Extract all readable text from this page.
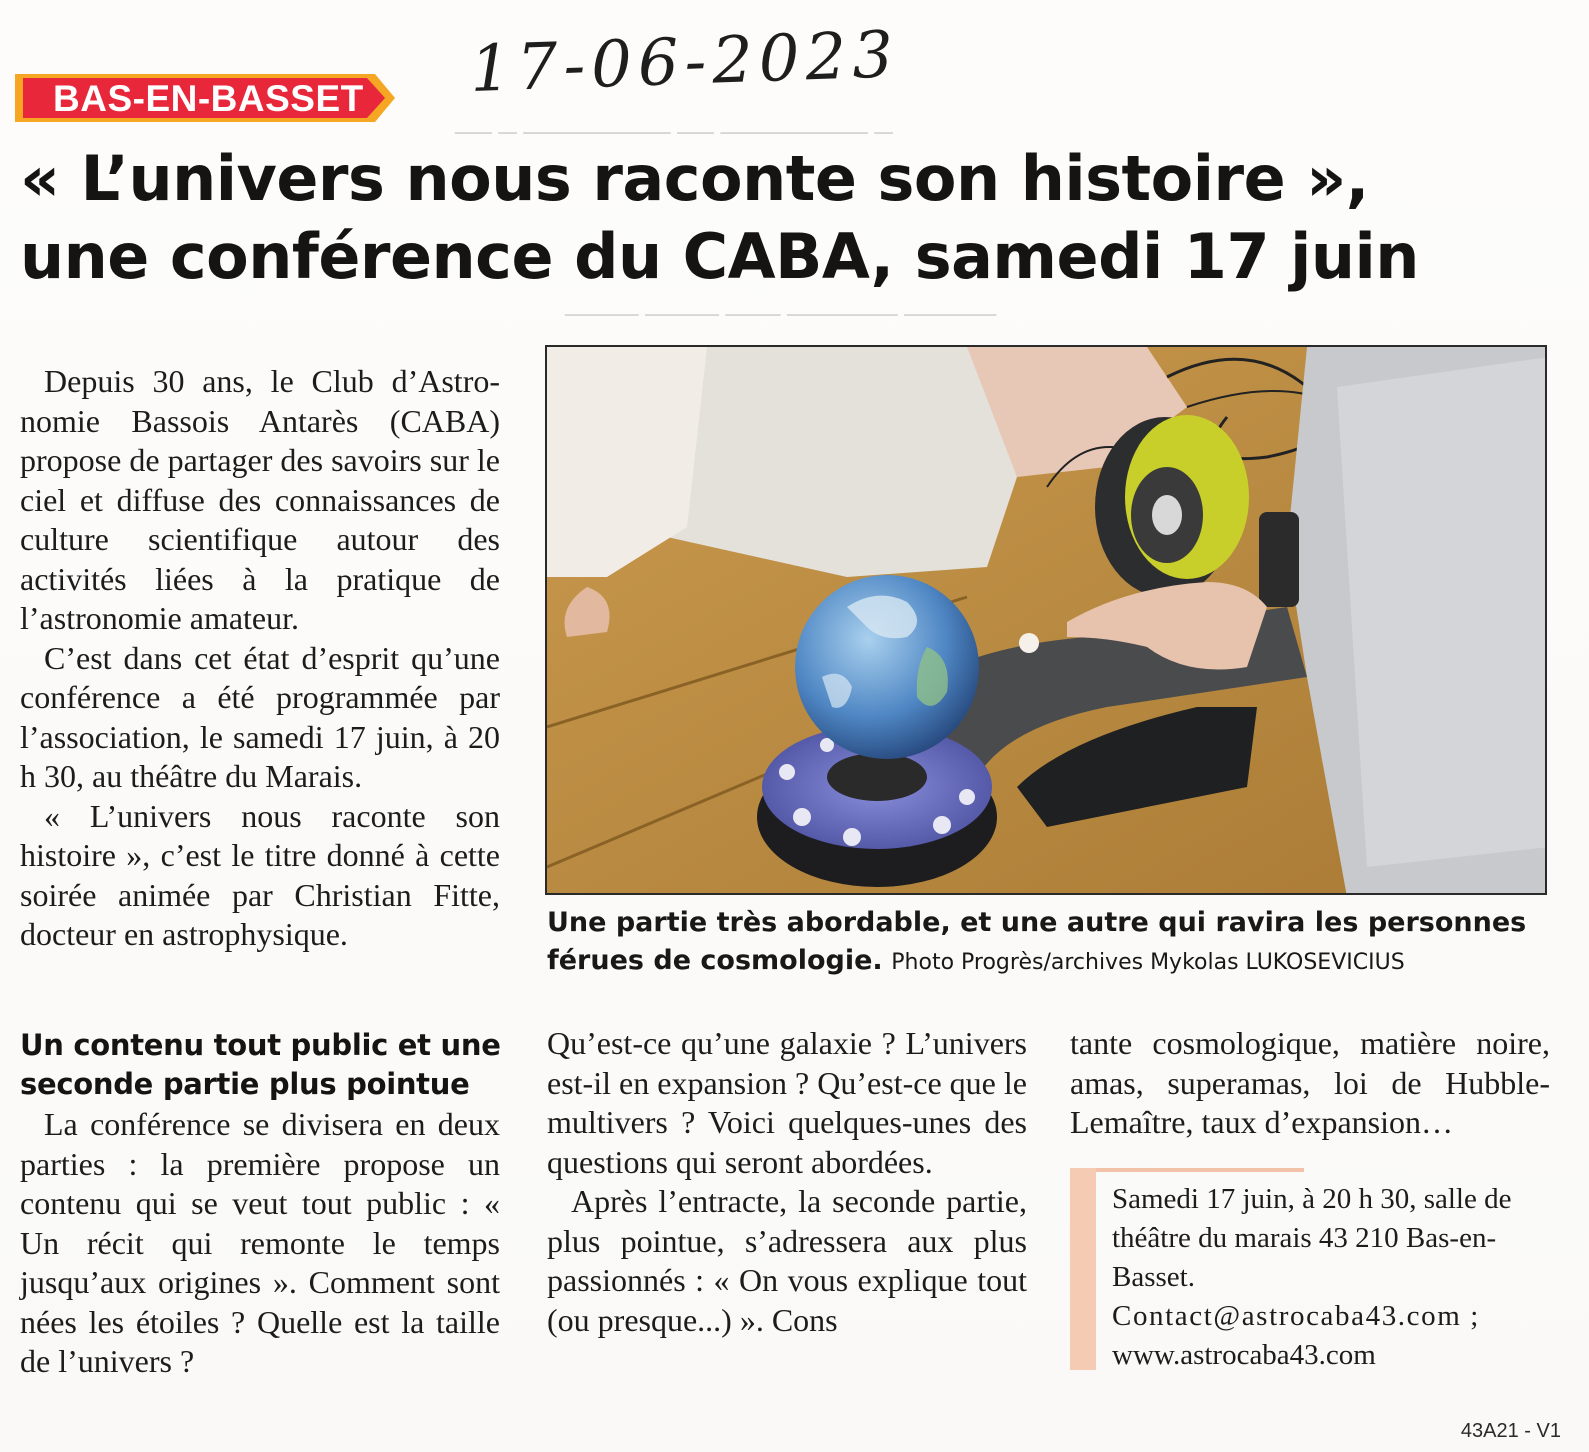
── ─ ──────── ── ──────── ─
──── ──── ─── ────── ─────
17-06-2023
BAS-EN-BASSET
« L’univers nous raconte son histoire »,
une conférence du CABA, samedi 17 juin

Depuis 30 ans, le Club d’Astronomie Bassois Antarès (CABA) propose de partager des savoirs sur le ciel et diffuse des connaissances de culture scientifique autour des activités liées à la pratique de l’astronomie amateur.

C’est dans cet état d’esprit qu’une conférence a été programmée par l’association, le samedi 17 juin, à 20 h 30, au théâtre du Marais.

« L’univers nous raconte son histoire », c’est le titre donné à cette soirée animée par Christian Fitte, docteur en astrophysique.

Un contenu tout public et une seconde partie plus pointue

La conférence se divisera en deux parties : la première propose un contenu qui se veut tout public : « Un récit qui remonte le temps jusqu’aux origines ». Comment sont nées les étoiles ? Quelle est la taille de l’univers ?

Une partie très abordable, et une autre qui ravira les personnes férues de cosmologie. Photo Progrès/archives Mykolas LUKOSEVICIUS

Qu’est-ce qu’une galaxie ? L’univers est-il en expansion ? Qu’est-ce que le multivers ? Voici quelques-unes des questions qui seront abordées.

Après l’entracte, la seconde partie, plus pointue, s’adressera aux plus passionnés : « On vous explique tout (ou presque...) ». Cons

tante cosmologique, matière noire, amas, superamas, loi de Hubble-Lemaître, taux d’expansion…

Samedi 17 juin, à 20 h 30, salle de
théâtre du marais 43 210 Bas-en-
Basset.
Contact@astrocaba43.com ;
www.astrocaba43.com
43A21 - V1
